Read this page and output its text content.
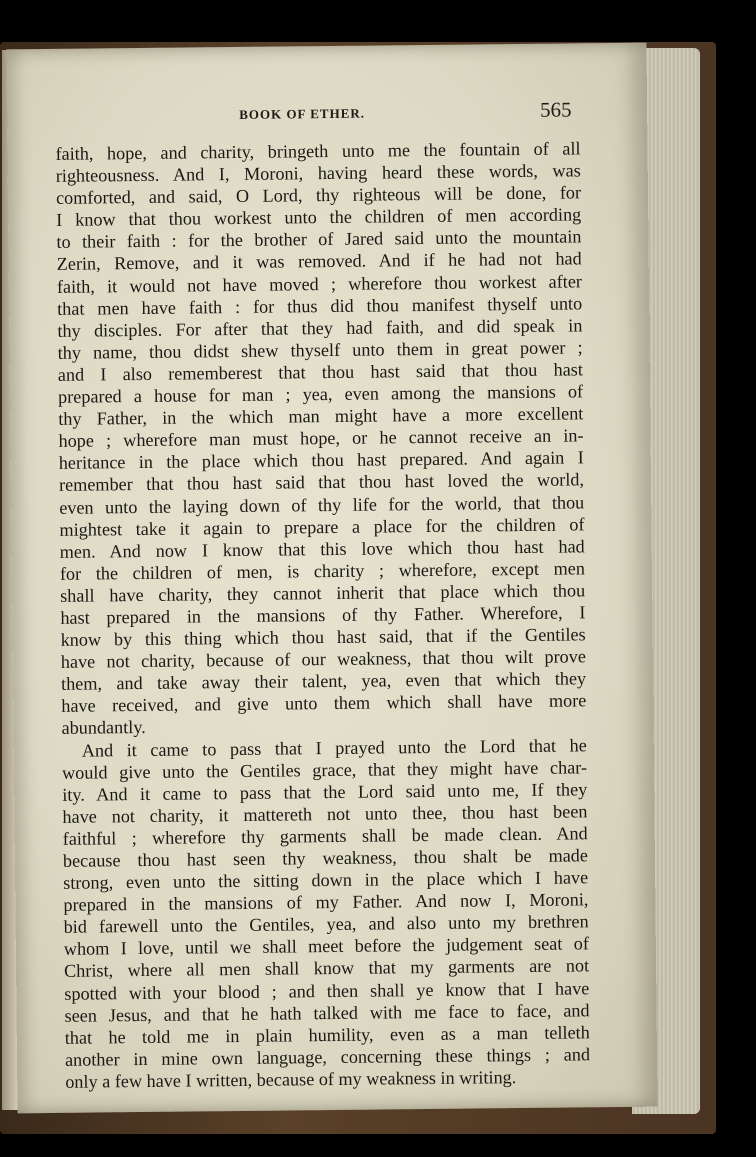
BOOK OF ETHER.	565
faith, hope, and charity, bringeth unto me the fountain of all
righteousness. And I, Moroni, having heard these words, was
comforted, and said, O Lord, thy righteous will be done, for
I know that thou workest unto the children of men according
to their faith : for the brother of Jared said unto the mountain
Zerin, Remove, and it was removed. And if he had not had
faith, it would not have moved ; wherefore thou workest after
that men have faith : for thus did thou manifest thyself unto
thy disciples. For after that they had faith, and did speak in
thy name, thou didst shew thyself unto them in great power ;
and I also rememberest that thou hast said that thou hast
prepared a house for man ; yea, even among the mansions of
thy Father, in the which man might have a more excellent
hope ; wherefore man must hope, or he cannot receive an in-
heritance in the place which thou hast prepared. And again I
remember that thou hast said that thou hast loved the world,
even unto the laying down of thy life for the world, that thou
mightest take it again to prepare a place for the children of
men. And now I know that this love which thou hast had
for the children of men, is charity ; wherefore, except men
shall have charity, they cannot inherit that place which thou
hast prepared in the mansions of thy Father. Wherefore, I
know by this thing which thou hast said, that if the Gentiles
have not charity, because of our weakness, that thou wilt prove
them, and take away their talent, yea, even that which they
have received, and give unto them which shall have more
abundantly.
And it came to pass that I prayed unto the Lord that he
would give unto the Gentiles grace, that they might have char-
ity. And it came to pass that the Lord said unto me, If they
have not charity, it mattereth not unto thee, thou hast been
faithful ; wherefore thy garments shall be made clean. And
because thou hast seen thy weakness, thou shalt be made
strong, even unto the sitting down in the place which I have
prepared in the mansions of my Father. And now I, Moroni,
bid farewell unto the Gentiles, yea, and also unto my brethren
whom I love, until we shall meet before the judgement seat of
Christ, where all men shall know that my garments are not
spotted with your blood ; and then shall ye know that I have
seen Jesus, and that he hath talked with me face to face, and
that he told me in plain humility, even as a man telleth
another in mine own language, concerning these things ; and
only a few have I written, because of my weakness in writing.
